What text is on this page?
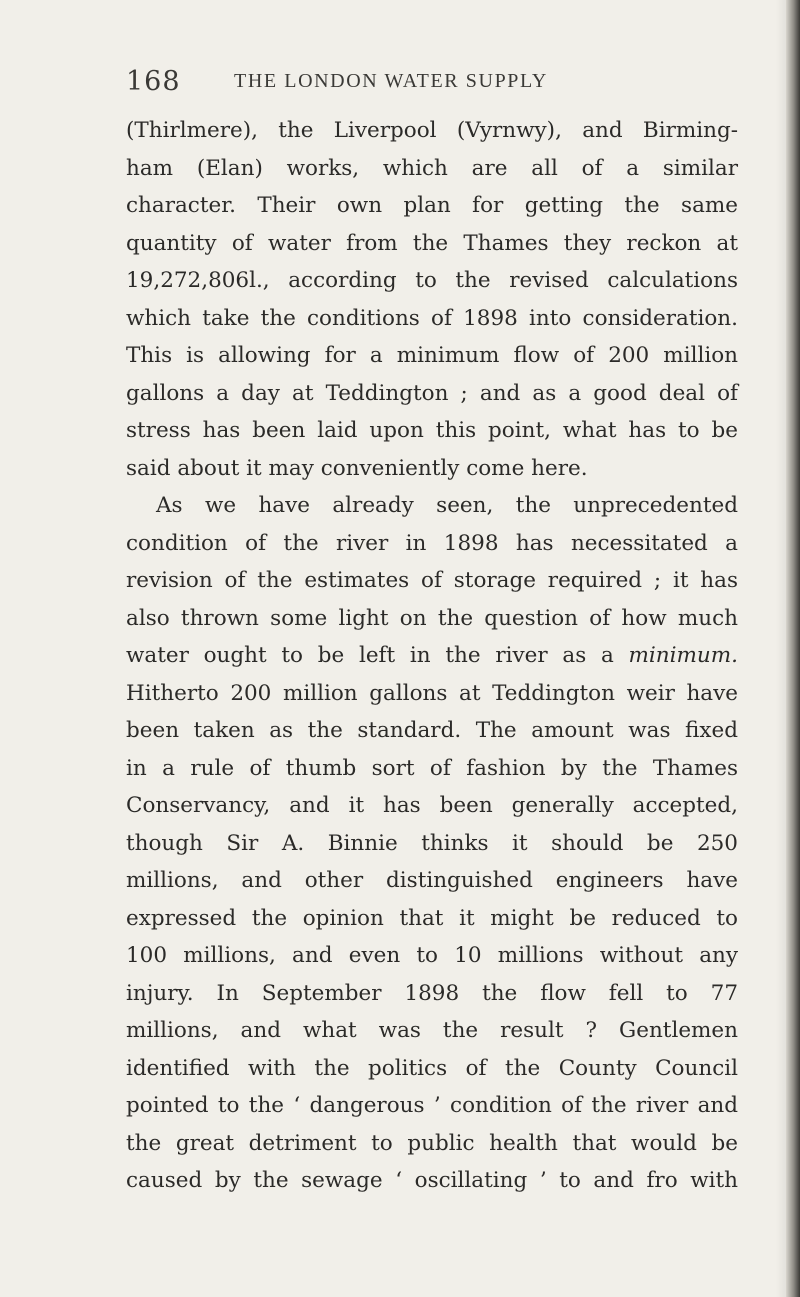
168	THE LONDON WATER SUPPLY

(Thirlmere), the Liverpool (Vyrnwy), and Birming-
ham (Elan) works, which are all of a similar
character. Their own plan for getting the same
quantity of water from the Thames they reckon at
19,272,806l., according to the revised calculations
which take the conditions of 1898 into consideration.
This is allowing for a minimum flow of 200 million
gallons a day at Teddington ; and as a good deal of
stress has been laid upon this point, what has to be
said about it may conveniently come here.

As we have already seen, the unprecedented
condition of the river in 1898 has necessitated a
revision of the estimates of storage required ; it has
also thrown some light on the question of how much
water ought to be left in the river as a minimum.
Hitherto 200 million gallons at Teddington weir have
been taken as the standard. The amount was fixed
in a rule of thumb sort of fashion by the Thames
Conservancy, and it has been generally accepted,
though Sir A. Binnie thinks it should be 250
millions, and other distinguished engineers have
expressed the opinion that it might be reduced to
100 millions, and even to 10 millions without any
injury. In September 1898 the flow fell to 77
millions, and what was the result ? Gentlemen
identified with the politics of the County Council
pointed to the ‘ dangerous ’ condition of the river and
the great detriment to public health that would be
caused by the sewage ‘ oscillating ’ to and fro with
